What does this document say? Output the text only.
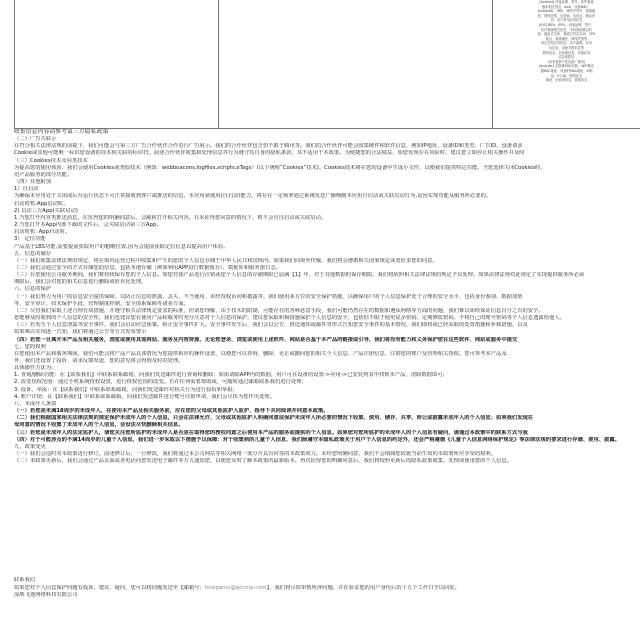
[Android] 设备品牌、型号、软件系统
版本相关信息、oaid、设备MAC、
AndroidID、IMEI、硬件序列号、系统属
性、网络类型、运营商、包信息、路由状
态、用户常用应用信息
[iOS] IDFA、IDFV、设备品牌、型号、
软件系统相关信息、手机系统重启时
间、磁盘总空间、系统总内存空间、CPU
数目、系统属性、网络类型等
单位类型应用信息：用户画像、应用
包信息、设备关联信息等
网络信息、运营商信息、设备状态
[定向服务]
(用来提供个性化推广服务)
[Android] 无线网SSID名称、WiFi路由
器MAC地址、设备的MAC地址、IP地
址、ICCID、网络状态
地址、运营商信息、设备状态
收集信息内容请参考第三方隐私政策
（二）广告关联示
在符合相关法律法规的前提下，我们可能会与第三方广告合作伙伴合作进行广告展示。我们的合作伙伴包含但不限于腾讯等。我们的合作伙伴可能会收集硬件和软件信息，例如IP地址、设备ID和类型、广告ID、设备请求
Cookie或其他可能唯一标识您设备的技术相关联的标识符。前述合作伙伴收集和处理信息等行为遵守其自身的隐私条款，其不适用于本政策。为便捷您的合法权益，如您发现存在风险时，建议您立即停止相关操作并及时
（三）Cookies技术及同类技术
为提高您的使用体验，我们会使用Cookies或类似技术（例如：webbeacons,logfiles,scripts,eTags）(以下统称“Cookies”技术)。Cookies技术将在您的设备中生成小文件，以便我们提供特定功能。当您选择关闭Cookies时，
们产品服务的部分功能。
（四）其他附加
1）自启动
为确保本应用处于关闭或后台运行状态下可正常接收到客户端推送的信息，本应用须使用(自启动)能力，将存在一定频率通过系统发送广播唤醒本应用自启动或关联启动行为,是因实现功能及服务所必要的。
启动时机:App启动时。
2) 启动三方App(关联启动)
1.当您打开内容类推送消息，在征得您的明确同意后，会跳转打开相关内容。在未征得您同意的情况下，则不会有自启动或关联启动。
2.当您打开本App内部下载的文件后，会关联启动第三方App。
启动时机: App启动时。
3） 定位功能
产品基于LBS功能,需要提前获取用户的粗略位置,因为会提前获取定位信息以提高用户体验。
五、信息的储存
（一）我们收集法律法规的规定，将在境内运营过程中收集和产生的您的个人信息存储于中华人民共和国境内。如果我们向境外传输，我们将会遵循相关国家规定或者征求您的同意。
（二）我们会通过安全的方式存储您的信息，包括本地存储（例如利用APP进行数据缓存）、数据库和服务器日志。
（三）在您使用公司服务期间，我们将持续保存您的个人信息。如您对我产品进行注销或您个人信息的存储期限已届满【1】年，对于其他数据的保存期限，我们将依照相关法律法规的规定予以处理。如果法律法规对此规定了实现提供服务所必须
期限后，我们会对您的相关信息进行删除或匿名化处理。
六、信息的保护
（一）我们努力为用户的信息安全提供保障，以防止信息的泄露、丢失、不当使用、未经授权访问和披露等。我们使用多方位的安全保护措施，以确保用户的个人信息保护处于合理的安全水平，包括身份鉴别、数据加密
等、安全审计、技术保护手段，管理制度控制，安全体系保障等诸多方面。
（二）尽管我们采取上述合理有效措施，并遵守相关法律规定要求的标准，但请您理解，由于技术的限制，可能存在的各种恶意手段，我们可能仍然存在的数据和遵从网络等方面的问题，我们难以始终保证信息百分之百的安全。
您能够及时收到的个人信息的安全性，我们也建议您在使用产品和服务时充分注意对个人信息的保护，建议您采取积极措施保护个人信息的安全，包括但不限于使用复杂密码、定期修改密码、不将自己的账号密码等个人信息透露给他人。
（三）若发生个人信息泄露等安全事件，我们会启动应急预案，阻止安全事件扩大。安全事件发生后，我们会以公告、推送通知或邮件等形式告知您安全事件的基本情况、我们即将或已经采取的处置措施和补救措施，以及
如果难以实现逐一告知，我们将通过公告等方式发布警示
（四）若您一旦离开本产品及相关服务，浏览或使用其他网站、服务及内容资源，无论您登录、浏览或使用上述软件、网站是否基于本产品的链接或引导，我们将没有能力和义务保护您在这些软件、网站或服务中提交
七、您的权利
在您使用本产品和服务期间，我们可能会将产品产品具体情况为您提供相应的操作设置，以便您可以查询、删除、更正或撤回您的相关个人信息、产品注册信息、注销您的账户及管理相关授权。您可参考本产品及
外，我们还设置了投诉、请求反馈渠道，您的意见将会得到及时的处理。
具体操作方法为:
1. 查询/删除功能：在【联系我们】中联系联系邮箱，向我们发送邮件进行查询和删除；如需请除APP内的数据，用户可在设备的设置->应用->已安装列表中找到本产品，清除数据即可；
2. 改变授权范围：通过手机系统授权设置，进行授权范围的改变。若在任何需要帮助或，可随时通过邮箱联系我们进行处理；
3. 投诉、举报：在【联系我们】中联系联系邮箱，向我们发送邮件对相关行为进行投诉和举报；
4. 账户注销：在【联系我们】中联系联系邮箱，向我们发送邮件进行账号注销申请，我们会尽快为您作出处理。
八、未成年人条款
（一）若您是未满18周岁的未成年人，在使用本产品及相关服务前，应在您的父母或其他监护人监护、指导下共同阅读并同意本政策。
（二）我们根据国家相关法律法规的规定保护未成年人的个人信息，只会在法律允许、父母或其他监护人明确同意或保护未成年人所必要的情况下收集、使用、储存、共享、转让或披露未成年人的个人信息；如果我们发现在
母同意的情况下收集了未成年人的个人信息，会设法尽快删除相关信息。
（三）若您是未成年人的法定监护人，请您关注您所监护的未成年人是否是在取得您的授权同意之后使用本产品的服务或提供的个人信息。如果您对您所监护的未成年人的个人信息有疑问，请通过本政策中的联系方式与我
（四）对于可能涉及的不满14周岁的儿童个人信息，我们进一步采取以下措施予以保障：对于收集到的儿童个人信息，我们除遵守本隐私政策关于用户个人信息的约定外，还会严格遵循《儿童个人信息网络保护规定》等法律法规的要求进行存储、使用、披露。
九、政策变更
（一）我们会适时对本政策进行修订。前述修订后，一旦修改，我们将通过本公司网站等相关网络一部分并具有同等的本政策效力。未经您明确同意，我们不会削减您依据当前生效的本政策所应享受的权利。
（二）本政策更新后，我们会通过产品页面或者电话向您发送电子邮件等方式通知您，以便您及时了解本政策的最新版本。再次征得您的明确同意后，我们将按照更新后的隐私政策收集、处理或使用您的个人信息。
联系我们
如果您对个人信息保护问题有投诉、建议、疑问，您可以将问题发送至【邮箱号：feisigame@qccmp.com】，我们将尽快审核所涉问题，并在验证您的用户身份后的十五个工作日予以回复。
深圳飞逸网络科技有限公司
